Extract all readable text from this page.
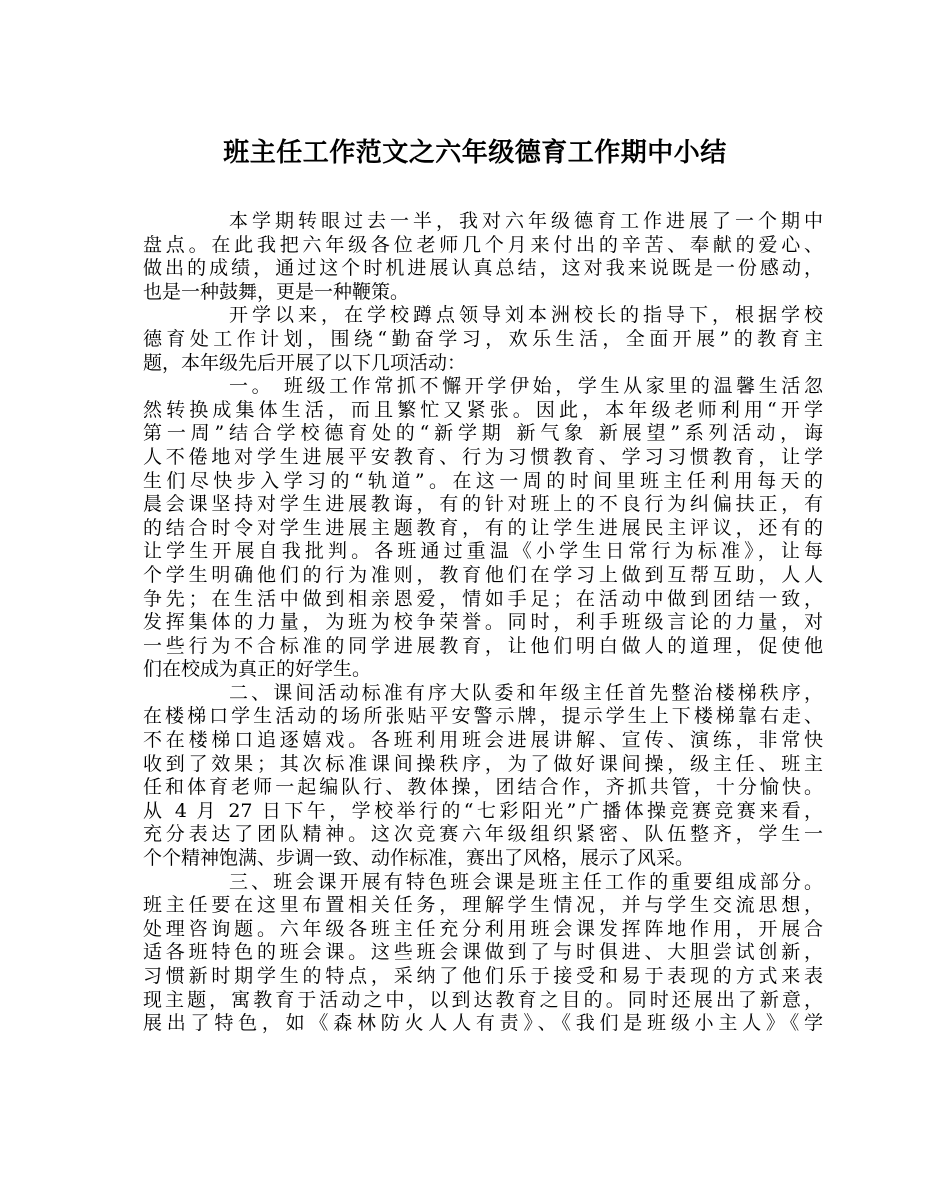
班主任工作范文之六年级德育工作期中小结

本学期转眼过去一半，我对六年级德育工作进展了一个期中
盘点。在此我把六年级各位老师几个月来付出的辛苦、奉献的爱心、
做出的成绩，通过这个时机进展认真总结，这对我来说既是一份感动，
也是一种鼓舞，更是一种鞭策。

开学以来，在学校蹲点领导刘本洲校长的指导下，根据学校
德育处工作计划，围绕“勤奋学习，欢乐生活，全面开展”的教育主
题，本年级先后开展了以下几项活动：

一。 班级工作常抓不懈开学伊始，学生从家里的温馨生活忽
然转换成集体生活，而且繁忙又紧张。因此，本年级老师利用“开学
第一周”结合学校德育处的“新学期 新气象 新展望”系列活动，诲
人不倦地对学生进展平安教育、行为习惯教育、学习习惯教育，让学
生们尽快步入学习的“轨道”。在这一周的时间里班主任利用每天的
晨会课坚持对学生进展教诲，有的针对班上的不良行为纠偏扶正，有
的结合时令对学生进展主题教育，有的让学生进展民主评议，还有的
让学生开展自我批判。各班通过重温《小学生日常行为标准》，让每
个学生明确他们的行为准则，教育他们在学习上做到互帮互助，人人
争先；在生活中做到相亲恩爱，情如手足；在活动中做到团结一致，
发挥集体的力量，为班为校争荣誉。同时，利手班级言论的力量，对
一些行为不合标准的同学进展教育，让他们明白做人的道理，促使他
们在校成为真正的好学生。

二、课间活动标准有序大队委和年级主任首先整治楼梯秩序，
在楼梯口学生活动的场所张贴平安警示牌，提示学生上下楼梯靠右走、
不在楼梯口追逐嬉戏。各班利用班会进展讲解、宣传、演练，非常快
收到了效果；其次标准课间操秩序，为了做好课间操，级主任、班主
任和体育老师一起编队行、教体操，团结合作，齐抓共管，十分愉快。
从 4 月 27 日下午，学校举行的“七彩阳光”广播体操竞赛竞赛来看，
充分表达了团队精神。这次竞赛六年级组织紧密、队伍整齐，学生一
个个精神饱满、步调一致、动作标准，赛出了风格，展示了风采。

三、班会课开展有特色班会课是班主任工作的重要组成部分。
班主任要在这里布置相关任务，理解学生情况，并与学生交流思想，
处理咨询题。六年级各班主任充分利用班会课发挥阵地作用，开展合
适各班特色的班会课。这些班会课做到了与时俱进、大胆尝试创新，
习惯新时期学生的特点，采纳了他们乐于接受和易于表现的方式来表
现主题，寓教育于活动之中，以到达教育之目的。同时还展出了新意，
展出了特色，如《森林防火人人有责》、《我们是班级小主人》《学
